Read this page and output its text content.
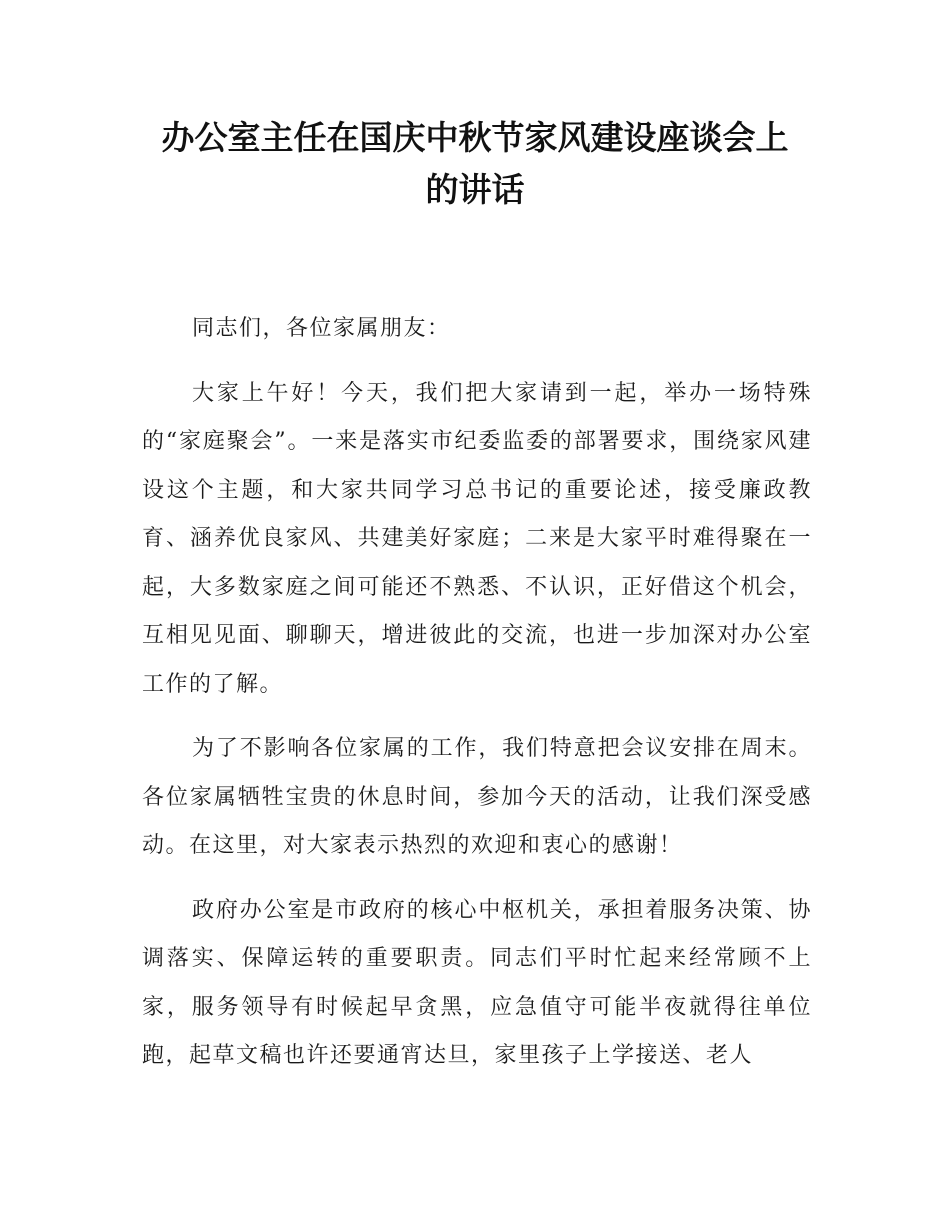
办公室主任在国庆中秋节家风建设座谈会上
的讲话

同志们，各位家属朋友：

大家上午好！今天，我们把大家请到一起，举办一场特殊的“家庭聚会”。一来是落实市纪委监委的部署要求，围绕家风建设这个主题，和大家共同学习总书记的重要论述，接受廉政教育、涵养优良家风、共建美好家庭；二来是大家平时难得聚在一起，大多数家庭之间可能还不熟悉、不认识，正好借这个机会，互相见见面、聊聊天，增进彼此的交流，也进一步加深对办公室工作的了解。

为了不影响各位家属的工作，我们特意把会议安排在周末。各位家属牺牲宝贵的休息时间，参加今天的活动，让我们深受感动。在这里，对大家表示热烈的欢迎和衷心的感谢！

政府办公室是市政府的核心中枢机关，承担着服务决策、协调落实、保障运转的重要职责。同志们平时忙起来经常顾不上家，服务领导有时候起早贪黑，应急值守可能半夜就得往单位跑，起草文稿也许还要通宵达旦，家里孩子上学接送、老人
